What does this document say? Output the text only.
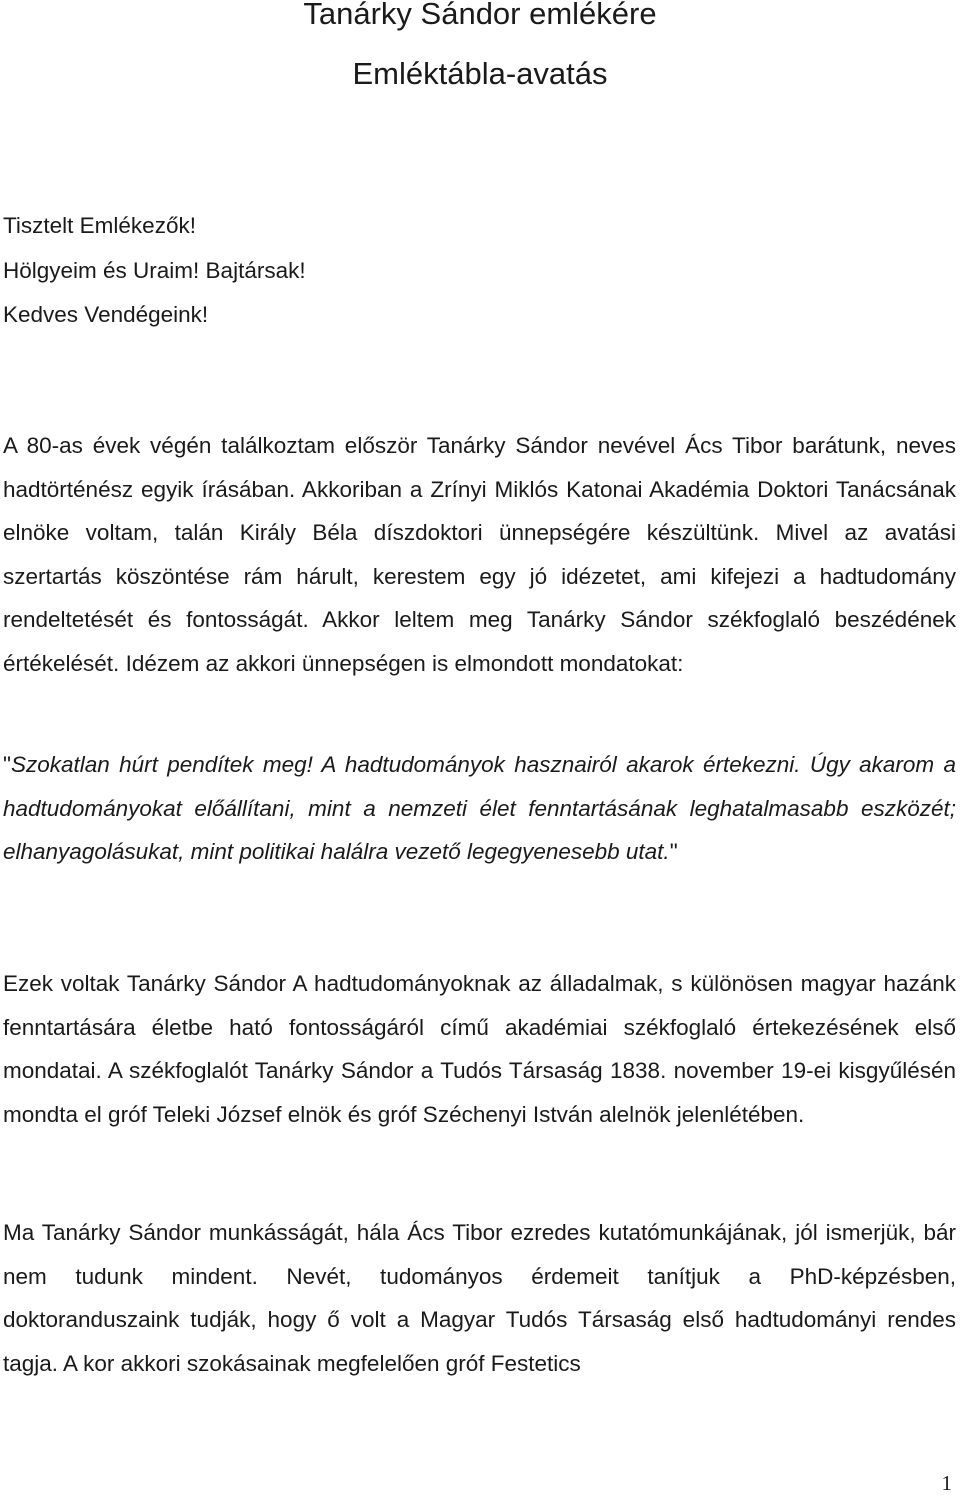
Tanárky Sándor emlékére
Emléktábla-avatás

Tisztelt Emlékezők!

Hölgyeim és Uraim! Bajtársak!

Kedves Vendégeink!

A 80-as évek végén találkoztam először Tanárky Sándor nevével Ács Tibor barátunk, neves hadtörténész egyik írásában. Akkoriban a Zrínyi Miklós Katonai Akadémia Doktori Tanácsának elnöke voltam, talán Király Béla díszdoktori ünnepségére készültünk. Mivel az avatási szertartás köszöntése rám hárult, kerestem egy jó idézetet, ami kifejezi a hadtudomány rendeltetését és fontosságát. Akkor leltem meg Tanárky Sándor székfoglaló beszédének értékelését. Idézem az akkori ünnepségen is elmondott mondatokat:

"Szokatlan húrt pendítek meg! A hadtudományok hasznairól akarok értekezni. Úgy akarom a hadtudományokat előállítani, mint a nemzeti élet fenntartásának leghatalmasabb eszközét; elhanyagolásukat, mint politikai halálra vezető legegyenesebb utat."

Ezek voltak Tanárky Sándor A hadtudományoknak az álladalmak, s különösen magyar hazánk fenntartására életbe ható fontosságáról című akadémiai székfoglaló értekezésének első mondatai. A székfoglalót Tanárky Sándor a Tudós Társaság 1838. november 19-ei kisgyűlésén mondta el gróf Teleki József elnök és gróf Széchenyi István alelnök jelenlétében.

Ma Tanárky Sándor munkásságát, hála Ács Tibor ezredes kutatómunkájának, jól ismerjük, bár nem tudunk mindent. Nevét, tudományos érdemeit tanítjuk a PhD-képzésben, doktoranduszaink tudják, hogy ő volt a Magyar Tudós Társaság első hadtudományi rendes tagja. A kor akkori szokásainak megfelelően gróf Festetics

1
